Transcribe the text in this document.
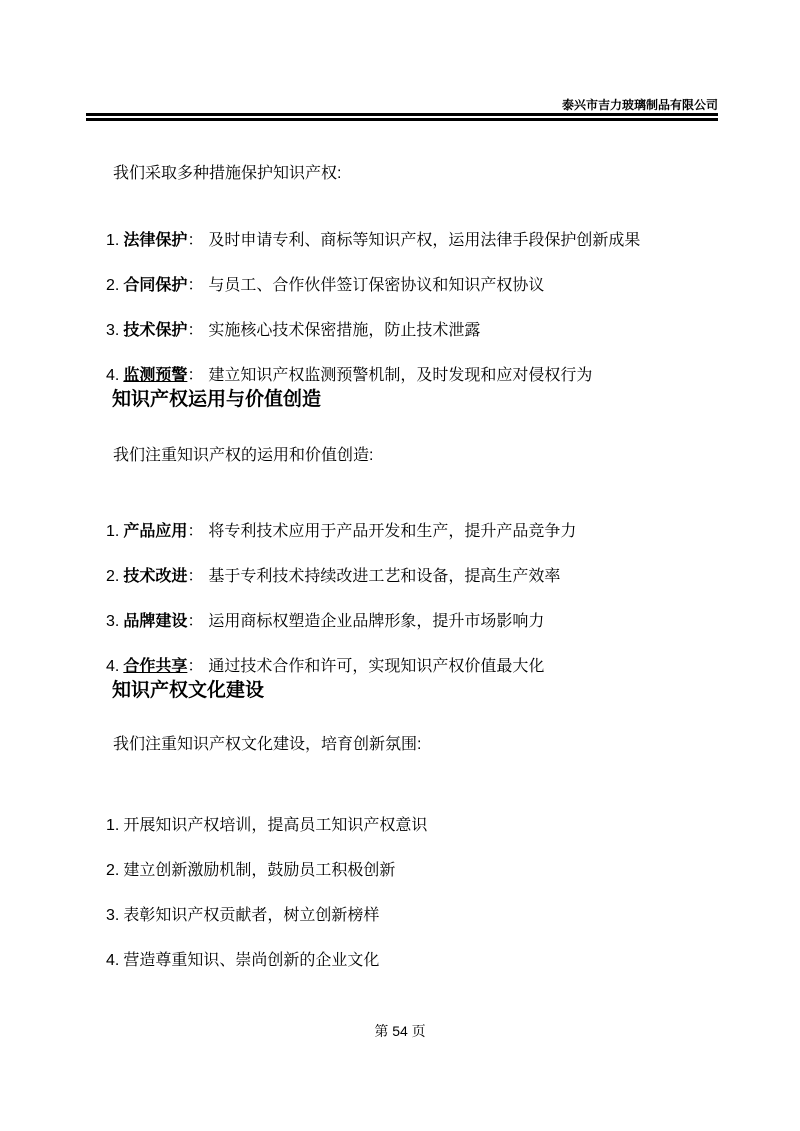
泰兴市吉力玻璃制品有限公司

我们采取多种措施保护知识产权:

1. 法律保护： 及时申请专利、商标等知识产权，运用法律手段保护创新成果
2. 合同保护： 与员工、合作伙伴签订保密协议和知识产权协议
3. 技术保护： 实施核心技术保密措施，防止技术泄露
4. 监测预警： 建立知识产权监测预警机制，及时发现和应对侵权行为
知识产权运用与价值创造

我们注重知识产权的运用和价值创造:

1. 产品应用： 将专利技术应用于产品开发和生产，提升产品竞争力
2. 技术改进： 基于专利技术持续改进工艺和设备，提高生产效率
3. 品牌建设： 运用商标权塑造企业品牌形象，提升市场影响力
4. 合作共享： 通过技术合作和许可，实现知识产权价值最大化
知识产权文化建设

我们注重知识产权文化建设，培育创新氛围:

1. 开展知识产权培训，提高员工知识产权意识
2. 建立创新激励机制，鼓励员工积极创新
3. 表彰知识产权贡献者，树立创新榜样
4. 营造尊重知识、崇尚创新的企业文化
第 54 页
